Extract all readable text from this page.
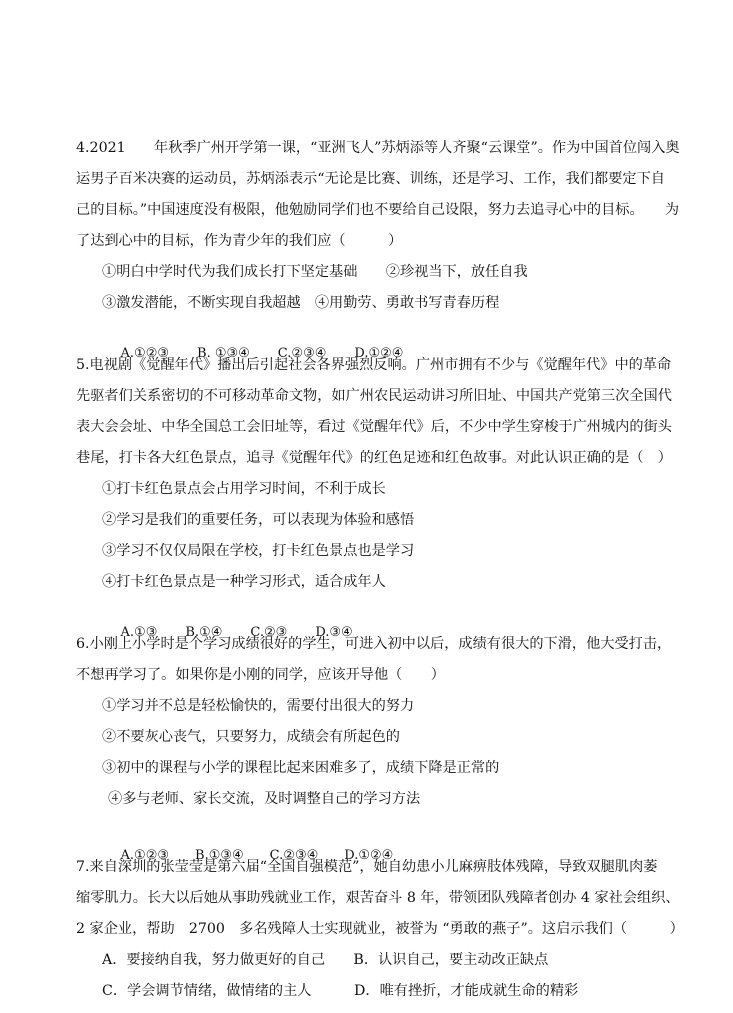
4.2021　　年秋季广州开学第一课，“亚洲飞人”苏炳添等人齐聚“云课堂”。作为中国首位闯入奥
运男子百米决赛的运动员，苏炳添表示“无论是比赛、训练，还是学习、工作，我们都要定下自
己的目标。”中国速度没有极限，他勉励同学们也不要给自己设限，努力去追寻心中的目标。　　为
了达到心中的目标，作为青少年的我们应（　　　）
①明白中学时代为我们成长打下坚定基础　　②珍视当下，放任自我
③激发潜能，不断实现自我超越　④用勤劳、勇敢书写青春历程

A.①②③ B. ①③④ C.②③④ D.①②④

5.电视剧《觉醒年代》播出后引起社会各界强烈反响。广州市拥有不少与《觉醒年代》中的革命
先驱者们关系密切的不可移动革命文物，如广州农民运动讲习所旧址、中国共产党第三次全国代
表大会会址、中华全国总工会旧址等，看过《觉醒年代》后，不少中学生穿梭于广州城内的街头
巷尾，打卡各大红色景点，追寻《觉醒年代》的红色足迹和红色故事。对此认识正确的是（　）
①打卡红色景点会占用学习时间，不利于成长
②学习是我们的重要任务，可以表现为体验和感悟
③学习不仅仅局限在学校，打卡红色景点也是学习
④打卡红色景点是一种学习形式，适合成年人

A.①③ B.①④ C.②③ D.③④

6.小刚上小学时是个学习成绩很好的学生，可进入初中以后，成绩有很大的下滑，他大受打击，
不想再学习了。如果你是小刚的同学，应该开导他（　　）
①学习并不总是轻松愉快的，需要付出很大的努力
②不要灰心丧气，只要努力，成绩会有所起色的
③初中的课程与小学的课程比起来困难多了，成绩下降是正常的
④多与老师、家长交流，及时调整自己的学习方法

A.①②③ B.①③④ C.②③④ D.①②④

7.来自深圳的张莹莹是第六届“全国自强模范”，她自幼患小儿麻痹肢体残障，导致双腿肌肉萎
缩零肌力。长大以后她从事助残就业工作，艰苦奋斗 8 年，带领团队残障者创办 4 家社会组织、
2 家企业，帮助　2700　多名残障人士实现就业，被誉为 “勇敢的燕子”。这启示我们（　　　）
A．要接纳自我，努力做更好的自己　　B．认识自己，要主动改正缺点
C．学会调节情绪，做情绪的主人　　　D．唯有挫折，才能成就生命的精彩
